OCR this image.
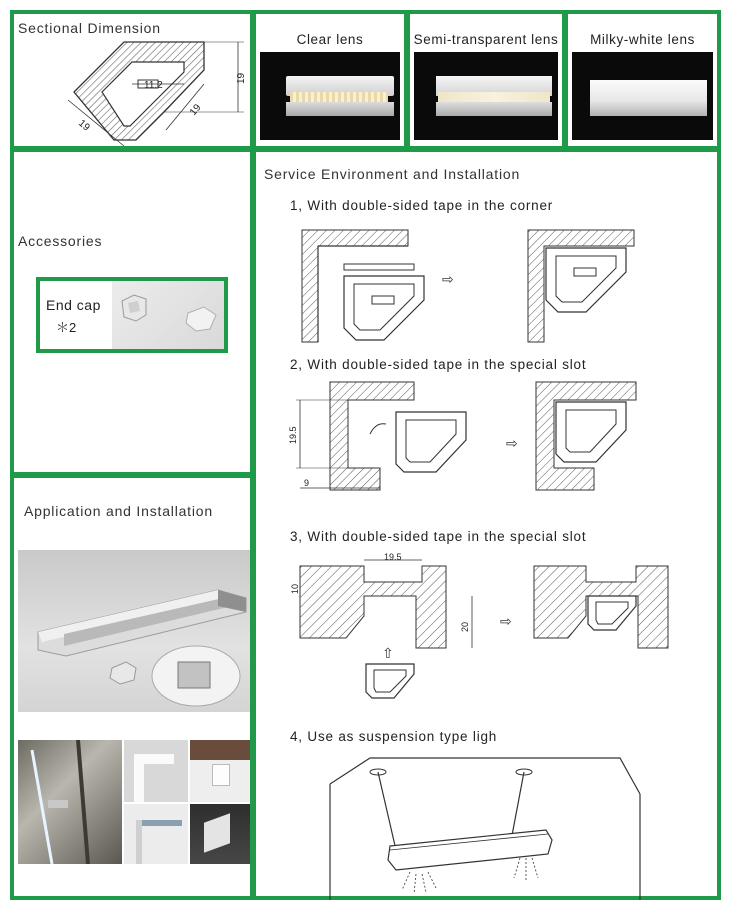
Sectional Dimension
11.2
19
19
19
Clear lens	Semi-transparent lens	Milky-white lens
Accessories
End cap
＊2
Application and Installation
Service Environment and Installation
1, With double-sided tape in the corner
⇨
2, With double-sided tape in the special slot
19.5
9
⇨
3, With double-sided tape in the special slot
19.5
10
20
⇧
⇨
4, Use as suspension type ligh
